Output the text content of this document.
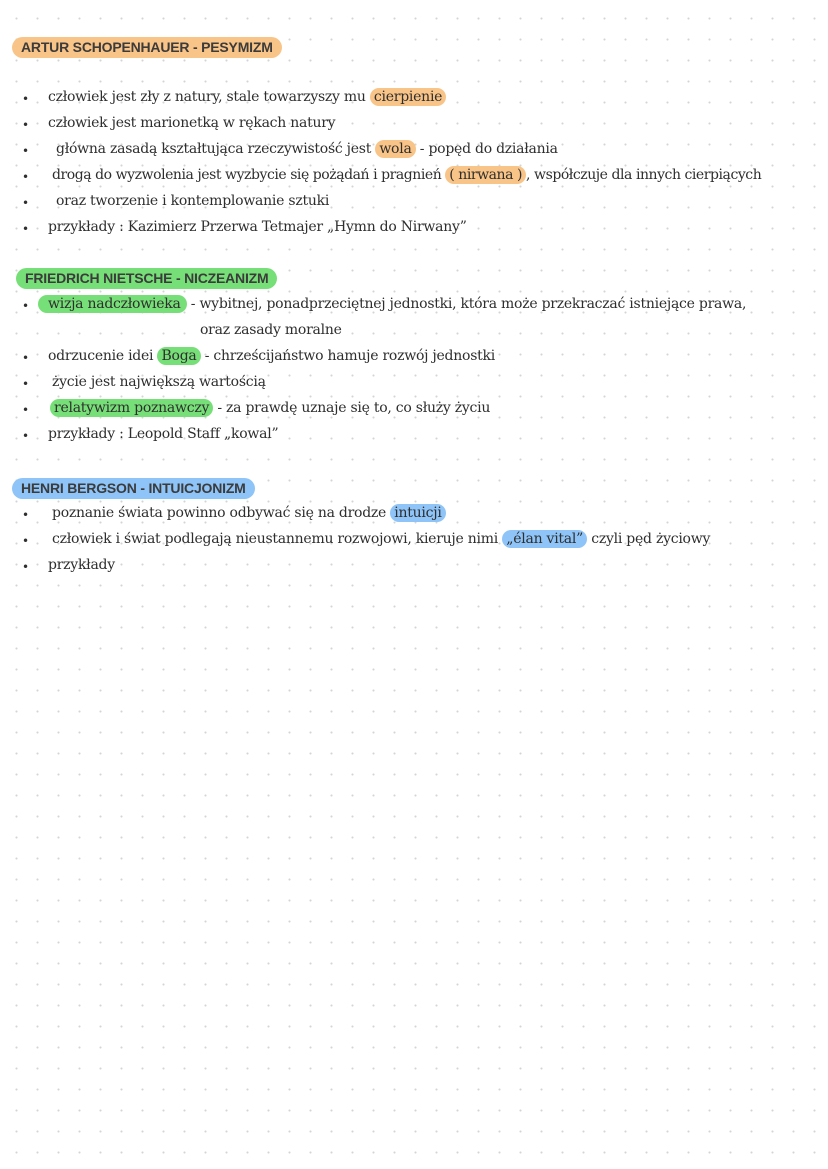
ARTUR SCHOPENHAUER - PESYMIZM
• człowiek jest zły z natury, stale towarzyszy mu cierpienie
• człowiek jest marionetką w rękach natury
• główna zasadą kształtująca rzeczywistość jest wola - popęd do działania
• drogą do wyzwolenia jest wyzbycie się pożądań i pragnień ( nirwana ) , współczuje dla innych cierpiących
• oraz tworzenie i kontemplowanie sztuki
• przykłady : Kazimierz Przerwa Tetmajer „Hymn do Nirwany”
FRIEDRICH NIETSCHE - NICZEANIZM
•	wizja nadczłowieka - wybitnej, ponadprzeciętnej jednostki, która może przekraczać istniejące prawa,
oraz zasady moralne
• odrzucenie idei Boga - chrześcijaństwo hamuje rozwój jednostki
• życie jest największą wartością
• relatywizm poznawczy - za prawdę uznaje się to, co służy życiu
• przykłady : Leopold Staff „kowal”
HENRI BERGSON - INTUICJONIZM
• poznanie świata powinno odbywać się na drodze intuicji
• człowiek i świat podlegają nieustannemu rozwojowi, kieruje nimi „élan vital” czyli pęd życiowy
• przykłady
